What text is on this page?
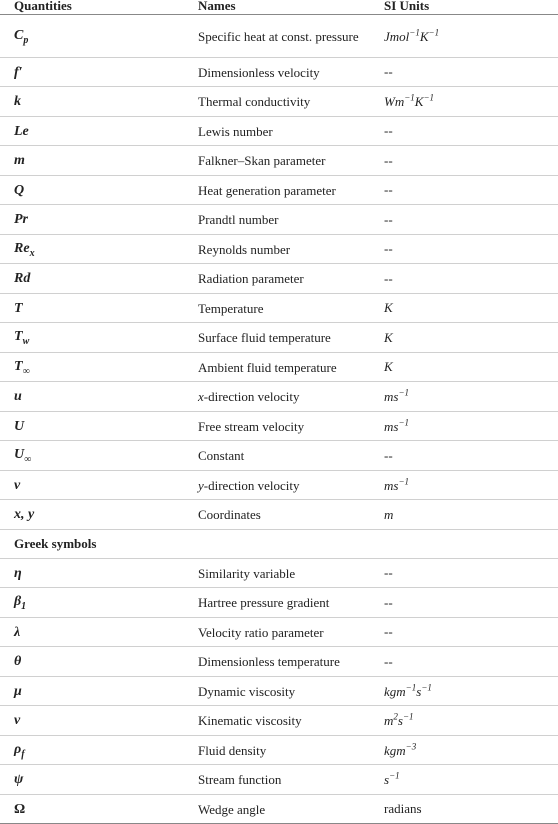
Quantities	Names	SI Units
$C_p$	Specific heat at const. pressure	$Jmol^{-1}K^{-1}$
f′	Dimensionless velocity	--
k	Thermal conductivity	$Wm^{-1}K^{-1}$
Le	Lewis number	--
m	Falkner–Skan parameter	--
Q	Heat generation parameter	--
Pr	Prandtl number	--
$Re_x$	Reynolds number	--
Rd	Radiation parameter	--
T	Temperature	K
$T_w$	Surface fluid temperature	K
$T_\infty$	Ambient fluid temperature	K
u	x-direction velocity	$ms^{-1}$
U	Free stream velocity	$ms^{-1}$
$U_\infty$	Constant	--
v	y-direction velocity	$ms^{-1}$
x, y	Coordinates	m
Greek symbols
η	Similarity variable	--
$\beta_1$	Hartree pressure gradient	--
λ	Velocity ratio parameter	--
θ	Dimensionless temperature	--
μ	Dynamic viscosity	$kgm^{-1}s^{-1}$
ν	Kinematic viscosity	$m^2s^{-1}$
$\rho_f$	Fluid density	kgm$^{-3}$
ψ	Stream function	$s^{-1}$
Ω	Wedge angle	radians
